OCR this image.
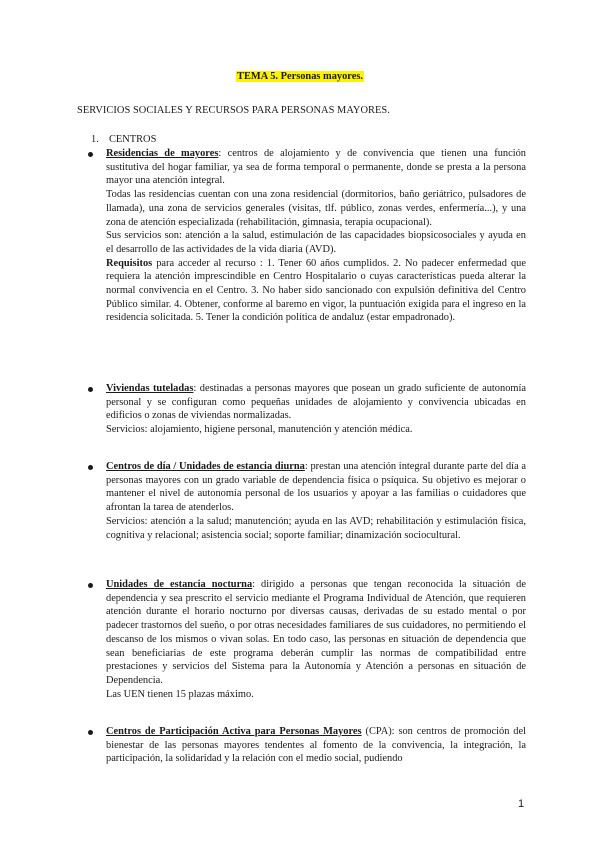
TEMA 5. Personas mayores.
SERVICIOS SOCIALES Y RECURSOS PARA PERSONAS MAYORES.
1. CENTROS

Residencias de mayores: centros de alojamiento y de convivencia que tienen una función sustitutiva del hogar familiar, ya sea de forma temporal o permanente, donde se presta a la persona mayor una atención integral.

Todas las residencias cuentan con una zona residencial (dormitorios, baño geriátrico, pulsadores de llamada), una zona de servicios generales (visitas, tlf. público, zonas verdes, enfermería...), y una zona de atención especializada (rehabilitación, gimnasia, terapia ocupacional).

Sus servicios son: atención a la salud, estimulación de las capacidades biopsicosociales y ayuda en el desarrollo de las actividades de la vida diaria (AVD).

Requisitos para acceder al recurso : 1. Tener 60 años cumplidos. 2. No padecer enfermedad que requiera la atención imprescindible en Centro Hospitalario o cuyas características pueda alterar la normal convivencia en el Centro. 3. No haber sido sancionado con expulsión definitiva del Centro Público similar. 4. Obtener, conforme al baremo en vigor, la puntuación exigida para el ingreso en la residencia solicitada. 5. Tener la condición política de andaluz (estar empadronado).

Viviendas tuteladas: destinadas a personas mayores que posean un grado suficiente de autonomía personal y se configuran como pequeñas unidades de alojamiento y convivencia ubicadas en edificios o zonas de viviendas normalizadas.

Servicios: alojamiento, higiene personal, manutención y atención médica.

Centros de día / Unidades de estancia diurna: prestan una atención integral durante parte del día a personas mayores con un grado variable de dependencia física o psíquica. Su objetivo es mejorar o mantener el nivel de autonomía personal de los usuarios y apoyar a las familias o cuidadores que afrontan la tarea de atenderlos.

Servicios: atención a la salud; manutención; ayuda en las AVD; rehabilitación y estimulación física, cognitiva y relacional; asistencia social; soporte familiar; dinamización sociocultural.

Unidades de estancia nocturna: dirigido a personas que tengan reconocida la situación de dependencia y sea prescrito el servicio mediante el Programa Individual de Atención, que requieren atención durante el horario nocturno por diversas causas, derivadas de su estado mental o por padecer trastornos del sueño, o por otras necesidades familiares de sus cuidadores, no permitiendo el descanso de los mismos o vivan solas. En todo caso, las personas en situación de dependencia que sean beneficiarias de este programa deberán cumplir las normas de compatibilidad entre prestaciones y servicios del Sistema para la Autonomía y Atención a personas en situación de Dependencia.

Las UEN tienen 15 plazas máximo.

Centros de Participación Activa para Personas Mayores (CPA): son centros de promoción del bienestar de las personas mayores tendentes al fomento de la convivencia, la integración, la participación, la solidaridad y la relación con el medio social, pudiendo

1
